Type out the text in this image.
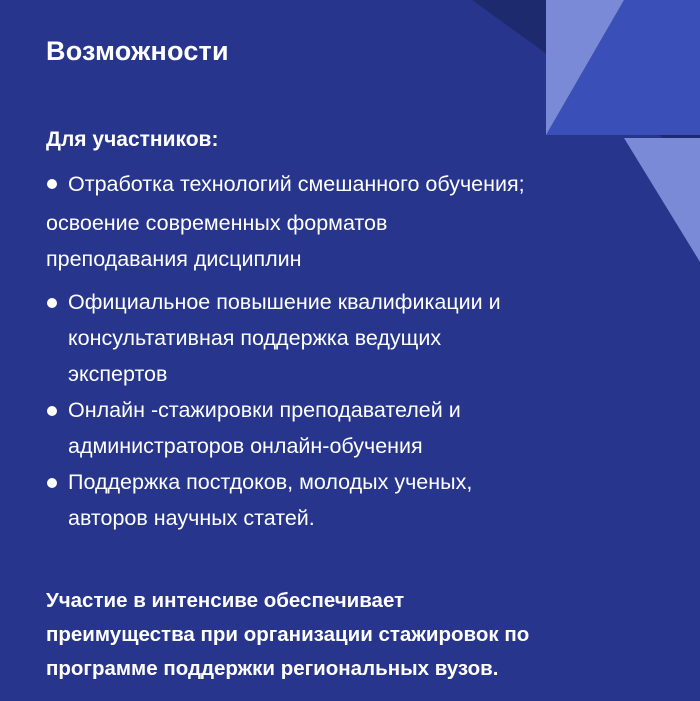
Возможности
Для участников:
Отработка технологий смешанного обучения;
освоение современных форматов
преподавания дисциплин
Официальное повышение квалификации и
консультативная поддержка ведущих
экспертов
Онлайн -стажировки преподавателей и
администраторов онлайн-обучения
Поддержка постдоков, молодых ученых,
авторов научных статей.

Участие в интенсиве обеспечивает
преимущества при организации стажировок по
программе поддержки региональных вузов.
